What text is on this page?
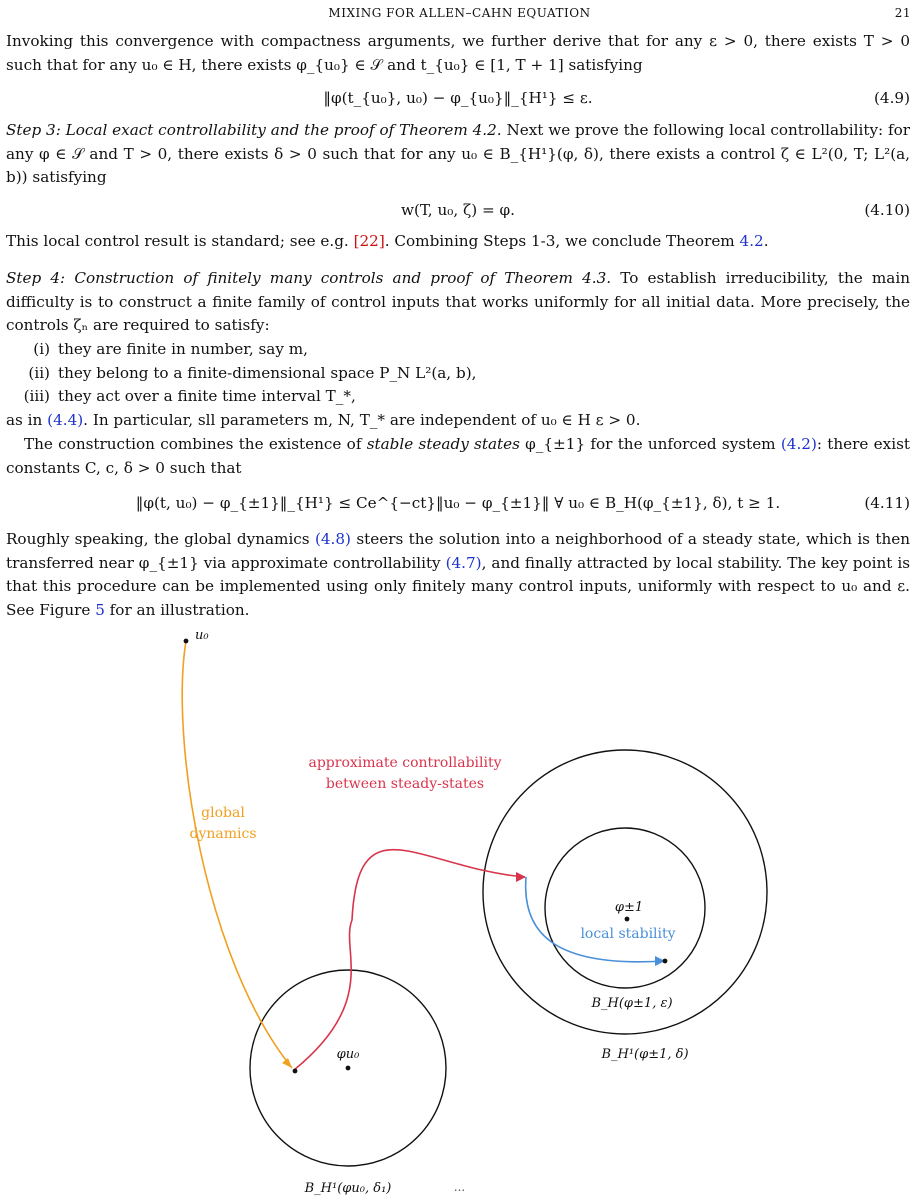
MIXING FOR ALLEN–CAHN EQUATION	21
Invoking this convergence with compactness arguments, we further derive that for any ε > 0, there exists T > 0 such that for any u₀ ∈ H, there exists φ_{u₀} ∈ 𝒮 and t_{u₀} ∈ [1, T + 1] satisfying
‖φ(t_{u₀}, u₀) − φ_{u₀}‖_{H¹} ≤ ε.	(4.9)
Step 3: Local exact controllability and the proof of Theorem 4.2. Next we prove the following local controllability: for any φ ∈ 𝒮 and T > 0, there exists δ > 0 such that for any u₀ ∈ B_{H¹}(φ, δ), there exists a control ζ ∈ L²(0, T; L²(a, b)) satisfying
w(T, u₀, ζ) = φ.	(4.10)
This local control result is standard; see e.g. [22]. Combining Steps 1-3, we conclude Theorem 4.2.
Step 4: Construction of finitely many controls and proof of Theorem 4.3. To establish irreducibility, the main difficulty is to construct a finite family of control inputs that works uniformly for all initial data. More precisely, the controls ζₙ are required to satisfy:
(i) they are finite in number, say m,
(ii) they belong to a finite-dimensional space P_N L²(a, b),
(iii) they act over a finite time interval T_*,
as in (4.4). In particular, sll parameters m, N, T_* are independent of u₀ ∈ H ε > 0.
The construction combines the existence of stable steady states φ_{±1} for the unforced system (4.2): there exist constants C, c, δ > 0 such that
‖φ(t, u₀) − φ_{±1}‖_{H¹} ≤ Ce^{−ct}‖u₀ − φ_{±1}‖ ∀ u₀ ∈ B_H(φ_{±1}, δ), t ≥ 1.	(4.11)
Roughly speaking, the global dynamics (4.8) steers the solution into a neighborhood of a steady state, which is then transferred near φ_{±1} via approximate controllability (4.7), and finally attracted by local stability. The key point is that this procedure can be implemented using only finitely many control inputs, uniformly with respect to u₀ and ε. See Figure 5 for an illustration.
u₀
global
dynamics
approximate controllability
between steady-states
φ±1
local stability
B_H(φ±1, ε)
B_H¹(φ±1, δ)
φu₀
B_H¹(φu₀, δ₁)	...
